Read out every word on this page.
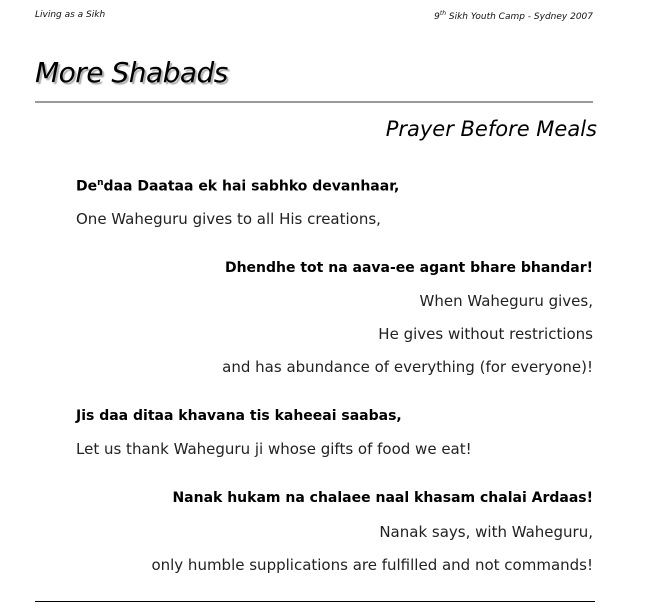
Living as a Sikh	9th Sikh Youth Camp - Sydney 2007
More Shabads
Prayer Before Meals
De$^n$daa Daataa ek hai sabhko devanhaar,
One Waheguru gives to all His creations,
Dhendhe tot na aava-ee agant bhare bhandar!
When Waheguru gives,
He gives without restrictions
and has abundance of everything (for everyone)!
Jis daa ditaa khavana tis kaheeai saabas,
Let us thank Waheguru ji whose gifts of food we eat!
Nanak hukam na chalaee naal khasam chalai Ardaas!
Nanak says, with Waheguru,
only humble supplications are fulfilled and not commands!
